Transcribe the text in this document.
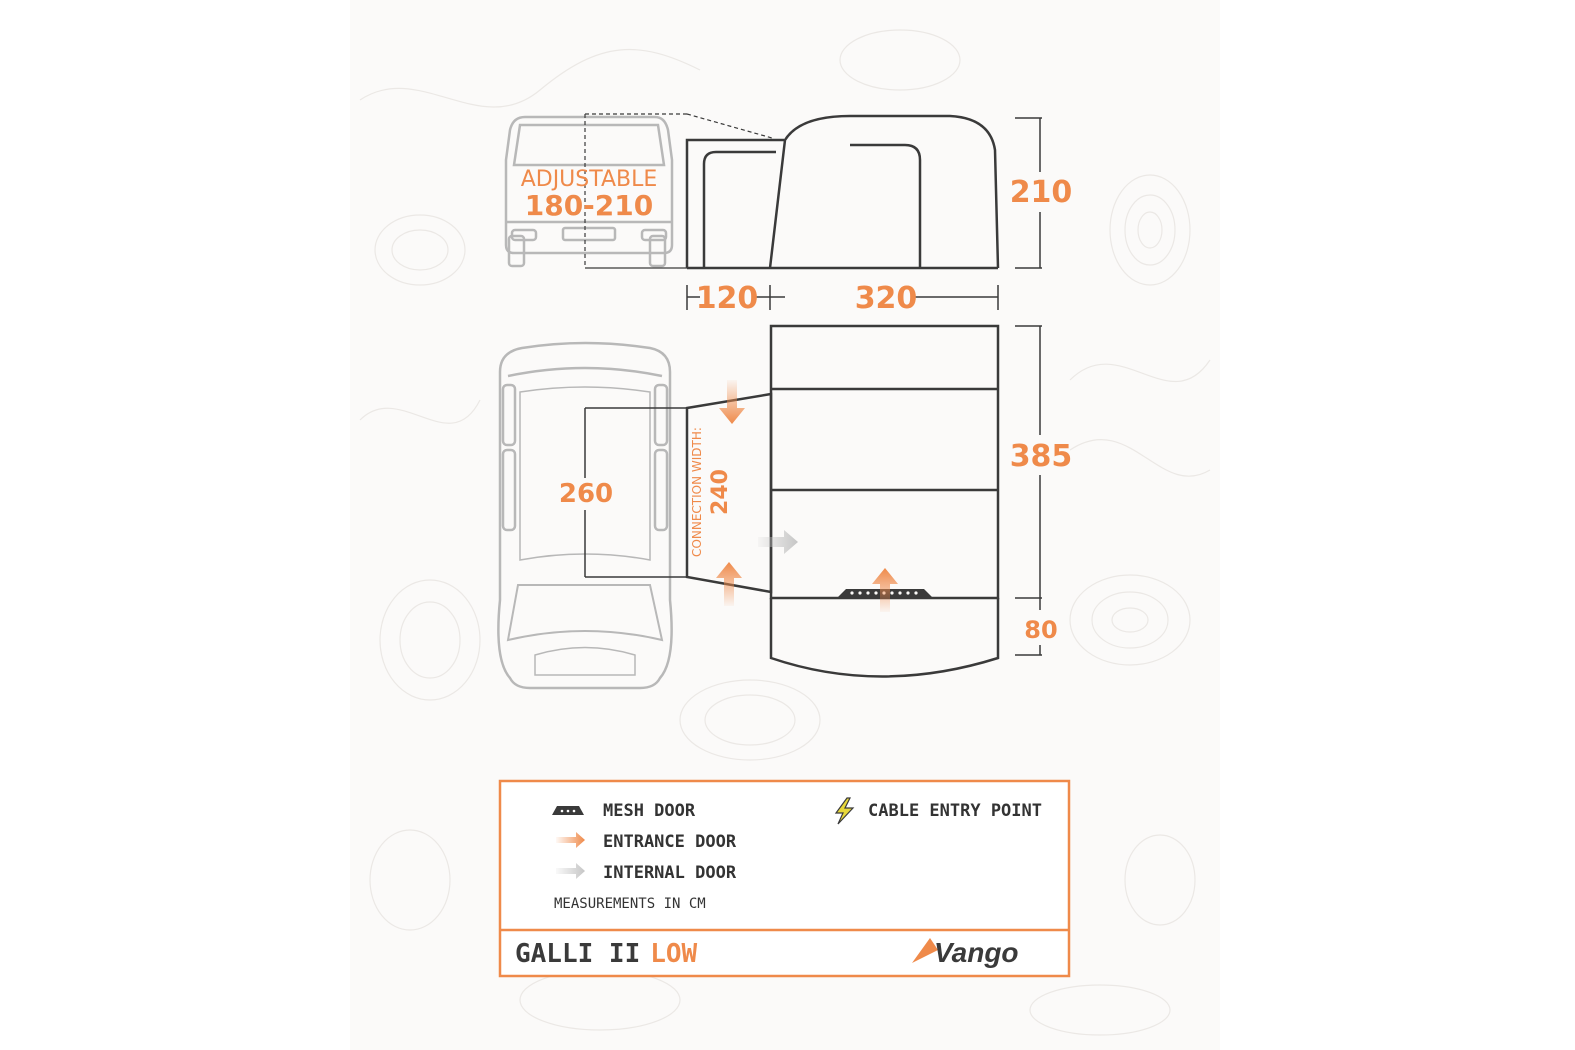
ADJUSTABLE
180-210	210
120	320
385
80
260	CONNECTION WIDTH: 240
MESH DOOR
ENTRANCE DOOR
INTERNAL DOOR
CABLE ENTRY POINT
MEASUREMENTS IN CM
GALLI II LOW	Vango
